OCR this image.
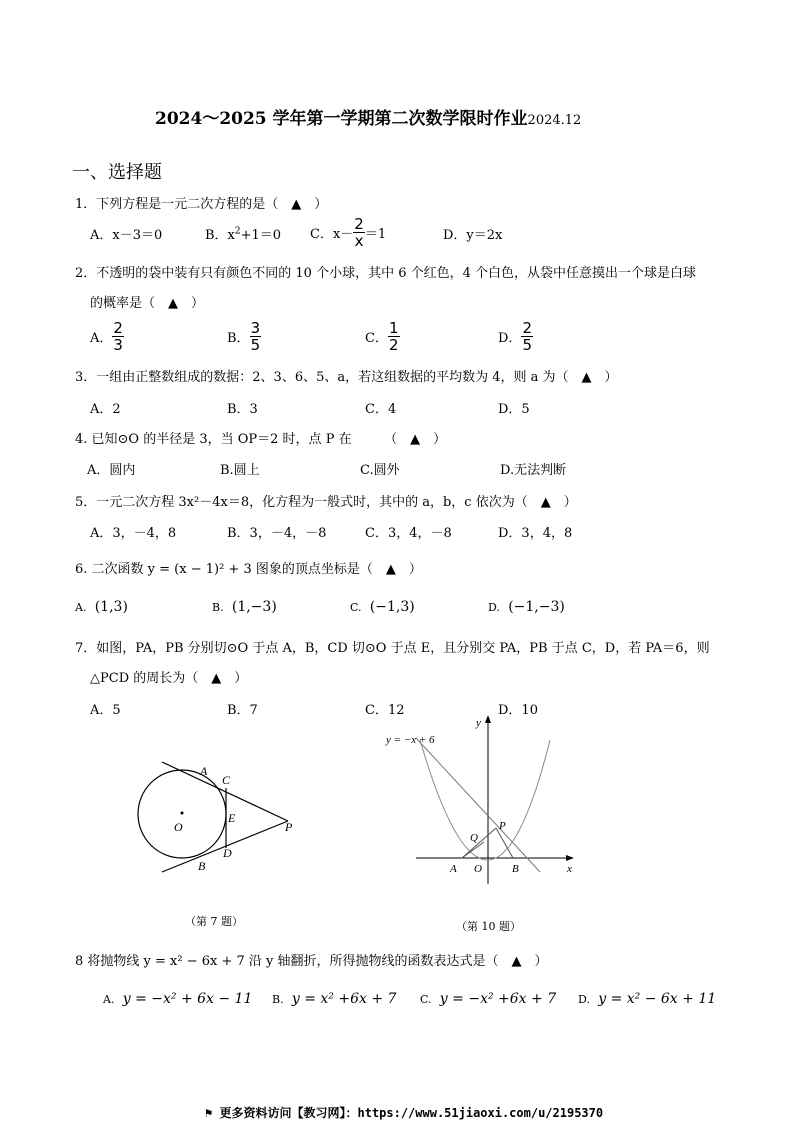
2024～2025 学年第一学期第二次数学限时作业2024.12
一、选择题
1．下列方程是一元二次方程的是（　▲　）
A．x－3＝0	B．$x^2+1=0$ C．$x- \frac{2}{x} =1$	D．y＝2x
2．不透明的袋中装有只有颜色不同的 10 个小球，其中 6 个红色，4 个白色，从袋中任意摸出一个球是白球
的概率是（　▲　）
A． $\frac{2}{3}$	B． $\frac{3}{5}$	C． $\frac{1}{2}$	D． $\frac{2}{5}$
3．一组由正整数组成的数据：2、3、6、5、a，若这组数据的平均数为 4，则 a 为（　▲　）
A．2	B．3	C．4	D．5
4. 已知⊙O 的半径是 3，当 OP＝2 时，点 P 在　　　（　▲　）
A．圆内	B.圆上	C.圆外	D.无法判断
5．一元二次方程 3x²－4x＝8，化方程为一般式时，其中的 a，b，c 依次为（　▲　）
A．3，－4，8	B．3，－4，－8	C．3，4，－8	D．3，4，8
6. 二次函数 y = (x − 1)² + 3 图象的顶点坐标是（　▲　）
A. (1,3)	B. (1,−3)	C. (−1,3)	D. (−1,−3)
7．如图，PA，PB 分别切⊙O 于点 A，B，CD 切⊙O 于点 E，且分别交 PA，PB 于点 C，D，若 PA＝6，则
△PCD 的周长为（　▲　）
A．5	B．7	C．12	D．10
A
C
E
O	P
D
B
（第 7 题）
y = −x + 6
y
x
P
Q
A O	B
（第 10 题）
8 将抛物线 y = x² − 6x + 7 沿 y 轴翻折，所得抛物线的函数表达式是（　▲　）
A. y = −x² + 6x − 11 B. y = x² +6x + 7 C. y = −x² +6x + 7 D. y = x² − 6x + 11
⚑ 更多资料访问【教习网】：https://www.51jiaoxi.com/u/2195370
